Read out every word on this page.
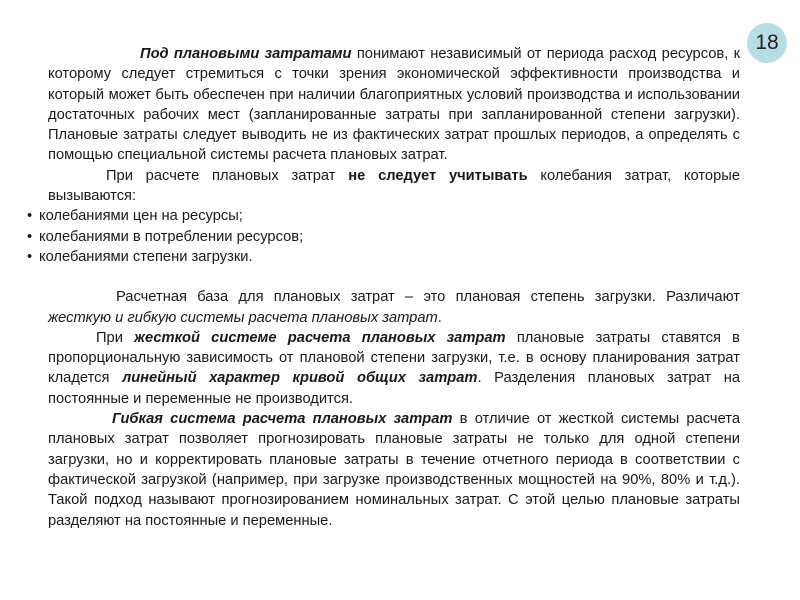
18

Под плановыми затратами понимают независимый от периода расход ресурсов, к которому следует стремиться с точки зрения экономической эффективности производства и который может быть обеспечен при наличии благоприятных условий производства и использовании достаточных рабочих мест (запланированные затраты при запланированной степени загрузки). Плановые затраты следует выводить не из фактических затрат прошлых периодов, а определять с помощью специальной системы расчета плановых затрат.

При расчете плановых затрат не следует учитывать колебания затрат, которые вызываются:

• колебаниями цен на ресурсы;
• колебаниями в потреблении ресурсов;
• колебаниями степени загрузки.

Расчетная база для плановых затрат – это плановая степень загрузки. Различают жесткую и гибкую системы расчета плановых затрат.

При жесткой системе расчета плановых затрат плановые затраты ставятся в пропорциональную зависимость от плановой степени загрузки, т.е. в основу планирования затрат кладется линейный характер кривой общих затрат. Разделения плановых затрат на постоянные и переменные не производится.

Гибкая система расчета плановых затрат в отличие от жесткой системы расчета плановых затрат позволяет прогнозировать плановые затраты не только для одной степени загрузки, но и корректировать плановые затраты в течение отчетного периода в соответствии с фактической загрузкой (например, при загрузке производственных мощностей на 90%, 80% и т.д.). Такой подход называют прогнозированием номинальных затрат. С этой целью плановые затраты разделяют на постоянные и переменные.
